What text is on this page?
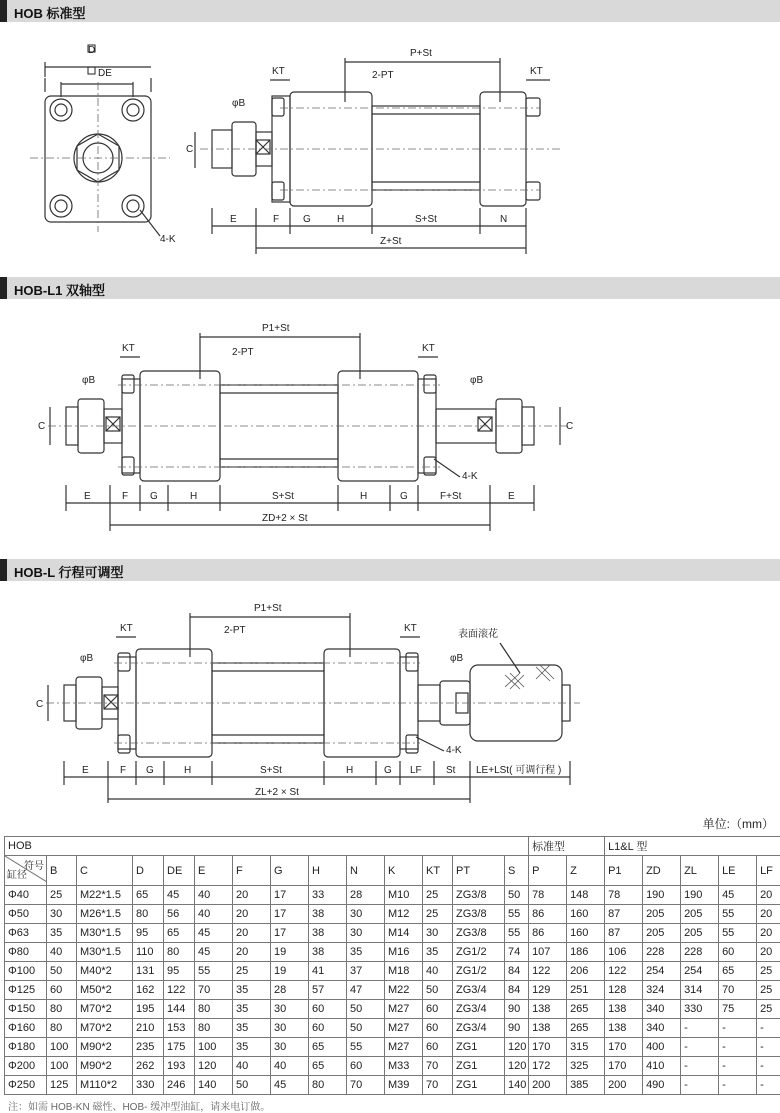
HOB 标准型
D
DE
4-K
KT	KT
P+St
2-PT
φB
C
E	F G	H	S+St	N
Z+St
HOB-L1 双轴型
KT	KT
P1+St
2-PT
φB	φB
C	C
4-K
E	F G	H	S+St	H	G	F+St	E
ZD+2 × St
HOB-L 行程可调型
KT	KT
P1+St
2-PT
φB	φB
表面滚花
C
4-K
E	F G	H	S+St	H	G LF St LE+LSt( 可调行程 )
ZL+2 × St
单位:（mm）
HOB														标准型		L1&L 型				

符号
缸径	B	C	D	DE	E	F	G	H	N	K	KT	PT	S	P	Z	P1	ZD	ZL	LE	LF
Φ40	25	M22*1.5	65	45	40	20	17	33	28	M10	25	ZG3/8	50	78	148	78	190	190	45	20
Φ50	30	M26*1.5	80	56	40	20	17	38	30	M12	25	ZG3/8	55	86	160	87	205	205	55	20
Φ63	35	M30*1.5	95	65	45	20	17	38	30	M14	30	ZG3/8	55	86	160	87	205	205	55	20
Φ80	40	M30*1.5	110	80	45	20	19	38	35	M16	35	ZG1/2	74	107	186	106	228	228	60	20
Φ100	50	M40*2	131	95	55	25	19	41	37	M18	40	ZG1/2	84	122	206	122	254	254	65	25
Φ125	60	M50*2	162	122	70	35	28	57	47	M22	50	ZG3/4	84	129	251	128	324	314	70	25
Φ150	80	M70*2	195	144	80	35	30	60	50	M27	60	ZG3/4	90	138	265	138	340	330	75	25
Φ160	80	M70*2	210	153	80	35	30	60	50	M27	60	ZG3/4	90	138	265	138	340	-	-	-
Φ180	100	M90*2	235	175	100	35	30	65	55	M27	60	ZG1	120	170	315	170	400	-	-	-
Φ200	100	M90*2	262	193	120	40	40	65	60	M33	70	ZG1	120	172	325	170	410	-	-	-
Φ250	125	M110*2	330	246	140	50	45	80	70	M39	70	ZG1	140	200	385	200	490	-	-	-
注：如需 HOB-KN 磁性、HOB- 缓冲型油缸，请来电订做。
